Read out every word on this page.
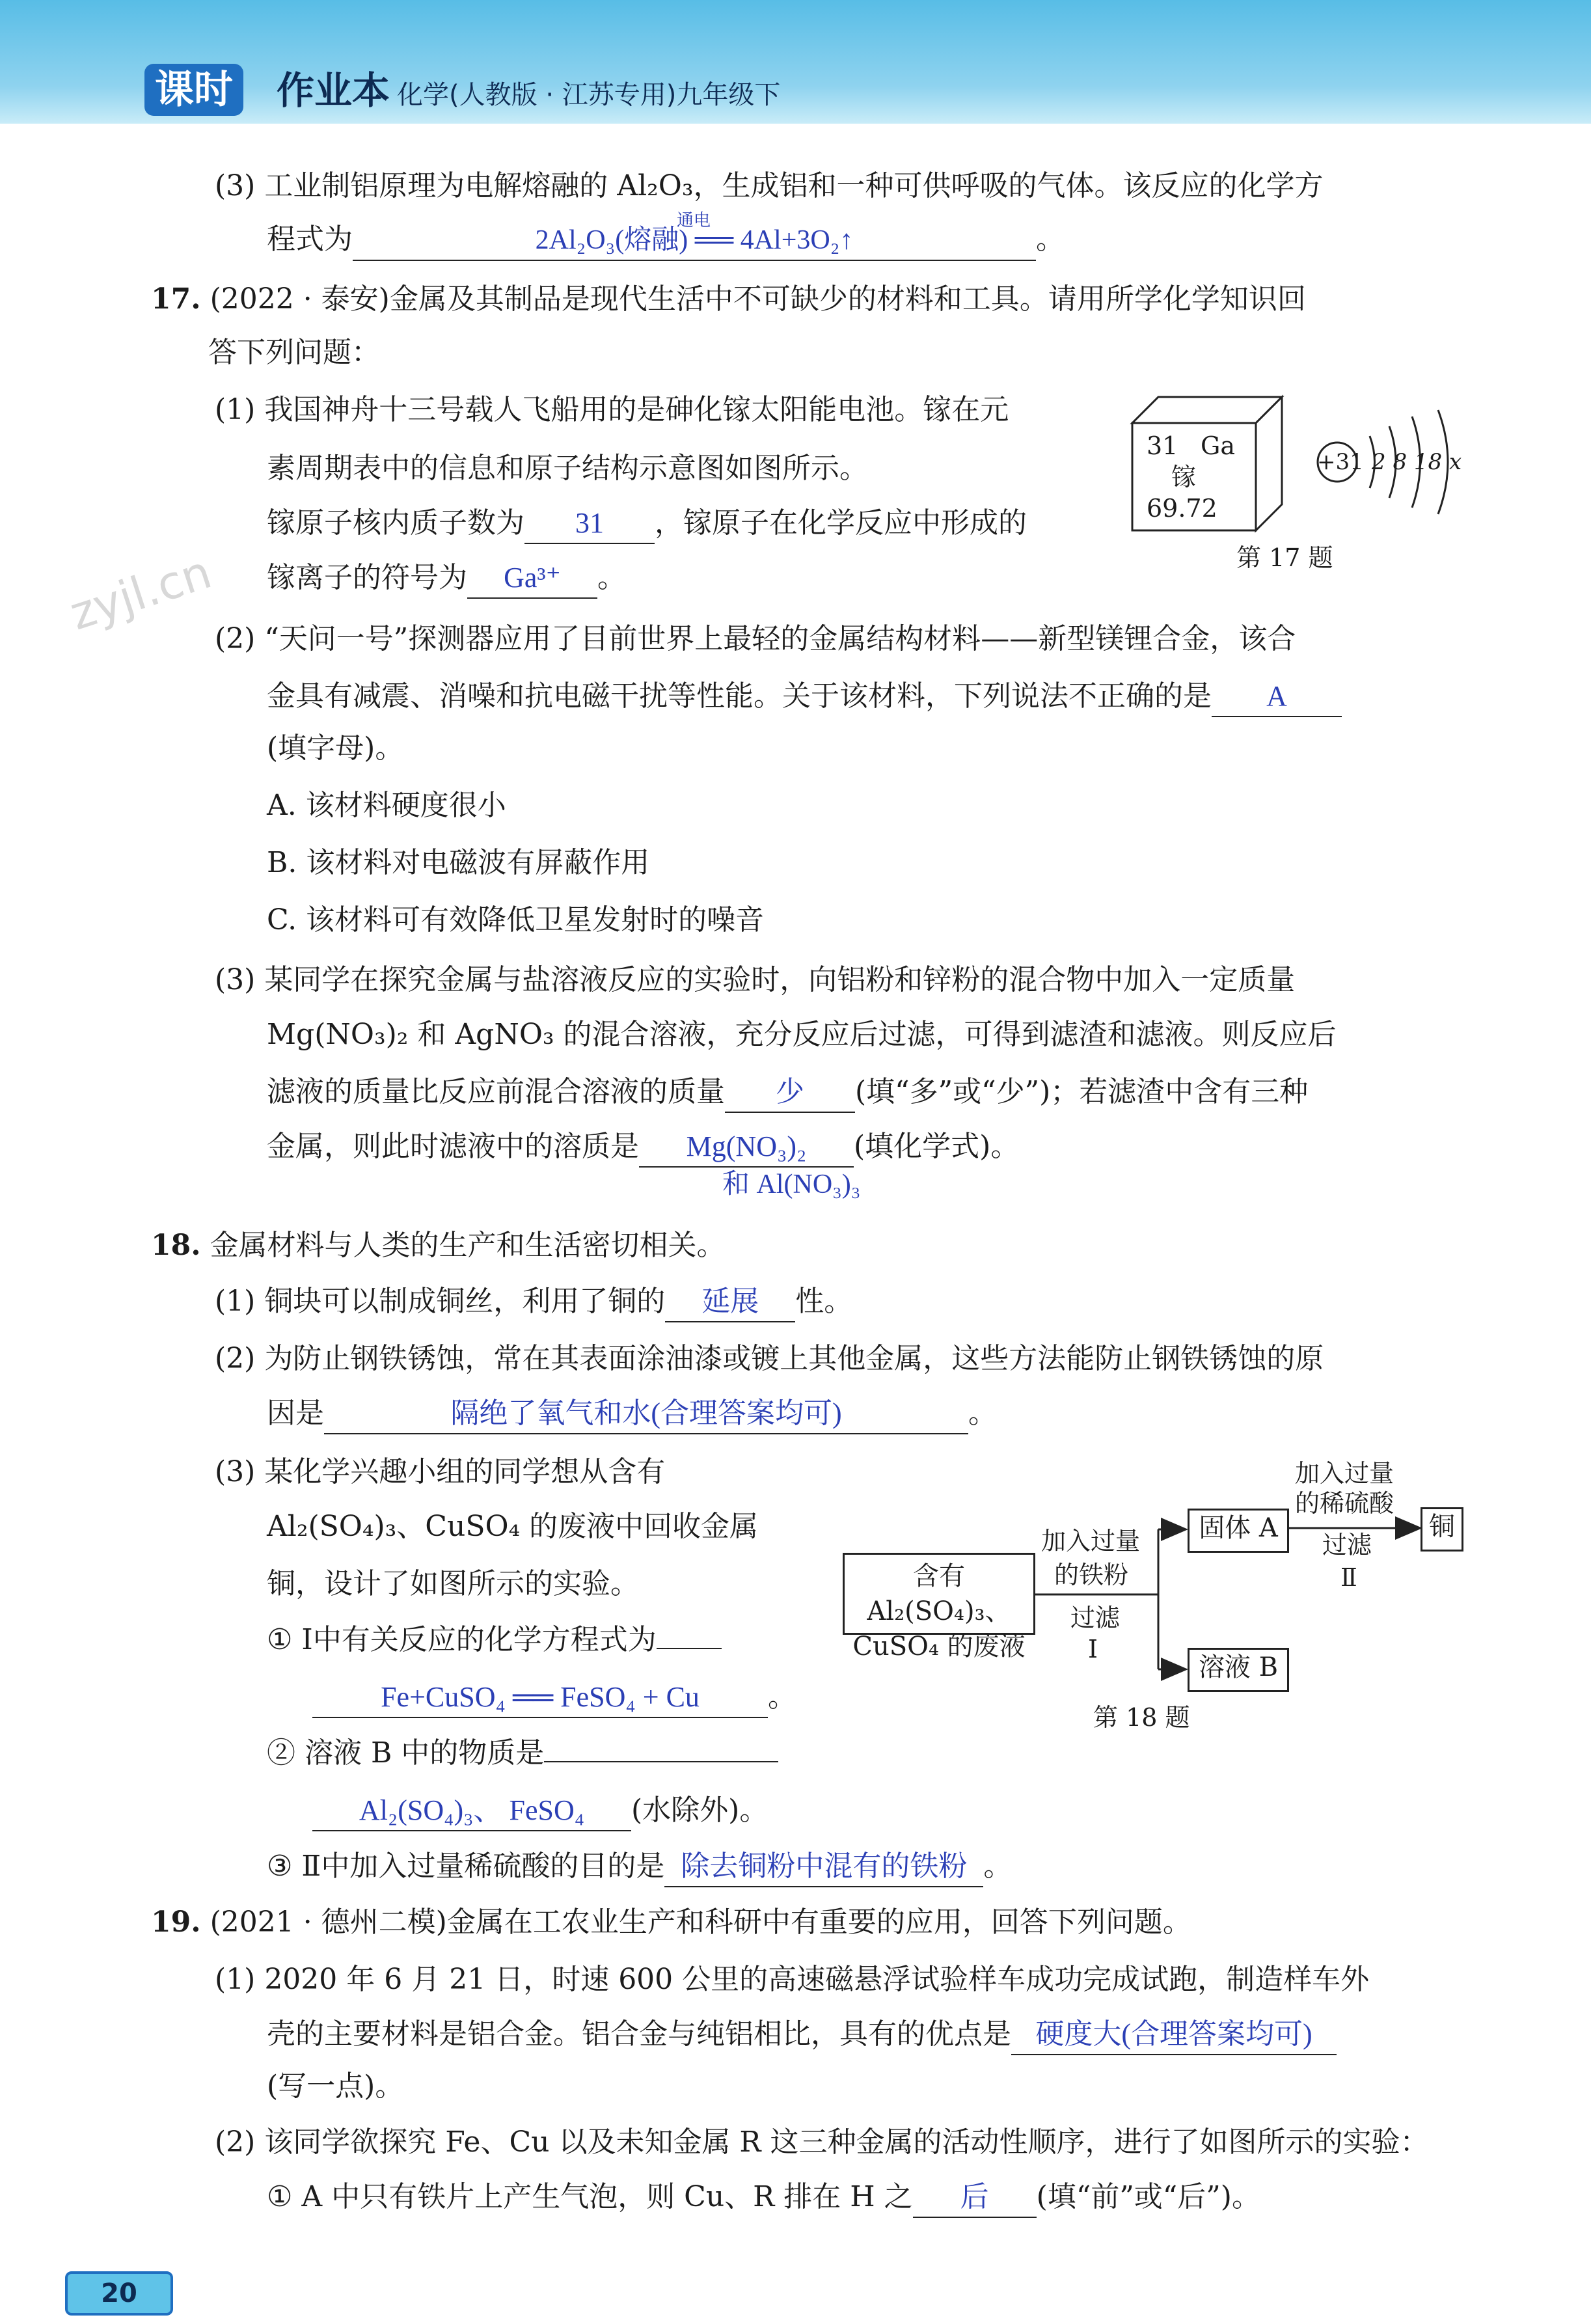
课时 作业本 化学(人教版 · 江苏专用)九年级下
zyjl.cn
(3) 工业制铝原理为电解熔融的 Al₂O₃，生成铝和一种可供呼吸的气体。该反应的化学方
程式为	2Al₂O₃(熔融) ══ 4Al+3O₂↑
通电
。
17. (2022 · 泰安)金属及其制品是现代生活中不可缺少的材料和工具。请用所学化学知识回
答下列问题：
(1) 我国神舟十三号载人飞船用的是砷化镓太阳能电池。镓在元
素周期表中的信息和原子结构示意图如图所示。
镓原子核内质子数为 31 ，镓原子在化学反应中形成的
镓离子的符号为 Ga³⁺ 。
31 Ga
镓
69.72
+31 2 8 18 x
第 17 题
(2) “天问一号”探测器应用了目前世界上最轻的金属结构材料——新型镁锂合金，该合
金具有减震、消噪和抗电磁干扰等性能。关于该材料，下列说法不正确的是 A
(填字母)。
A. 该材料硬度很小
B. 该材料对电磁波有屏蔽作用
C. 该材料可有效降低卫星发射时的噪音
(3) 某同学在探究金属与盐溶液反应的实验时，向铝粉和锌粉的混合物中加入一定质量
Mg(NO₃)₂ 和 AgNO₃ 的混合溶液，充分反应后过滤，可得到滤渣和滤液。则反应后
滤液的质量比反应前混合溶液的质量 少 (填“多”或“少”)；若滤渣中含有三种
金属，则此时滤液中的溶质是 Mg(NO₃)₂ (填化学式)。
和 Al(NO₃)₃
18. 金属材料与人类的生产和生活密切相关。
(1) 铜块可以制成铜丝，利用了铜的 延展 性。
(2) 为防止钢铁锈蚀，常在其表面涂油漆或镀上其他金属，这些方法能防止钢铁锈蚀的原
因是	隔绝了氧气和水(合理答案均可)	。
(3) 某化学兴趣小组的同学想从含有
Al₂(SO₄)₃、CuSO₄ 的废液中回收金属
铜，设计了如图所示的实验。
① Ⅰ中有关反应的化学方程式为
Fe+CuSO₄ ══ FeSO₄ + Cu 。
② 溶液 B 中的物质是
Al₂(SO₄)₃、 FeSO₄ (水除外)。
③ Ⅱ中加入过量稀硫酸的目的是 除去铜粉中混有的铁粉 。
含有 Al₂(SO₄)₃、
CuSO₄ 的废液
加入过量
的铁粉
过滤
Ⅰ
固体 A
溶液 B
加入过量
的稀硫酸
过滤
Ⅱ
铜
第 18 题
19. (2021 · 德州二模)金属在工农业生产和科研中有重要的应用，回答下列问题。
(1) 2020 年 6 月 21 日，时速 600 公里的高速磁悬浮试验样车成功完成试跑，制造样车外
壳的主要材料是铝合金。铝合金与纯铝相比，具有的优点是 硬度大(合理答案均可)
(写一点)。
(2) 该同学欲探究 Fe、Cu 以及未知金属 R 这三种金属的活动性顺序，进行了如图所示的实验：
① A 中只有铁片上产生气泡，则 Cu、R 排在 H 之 后 (填“前”或“后”)。
20
